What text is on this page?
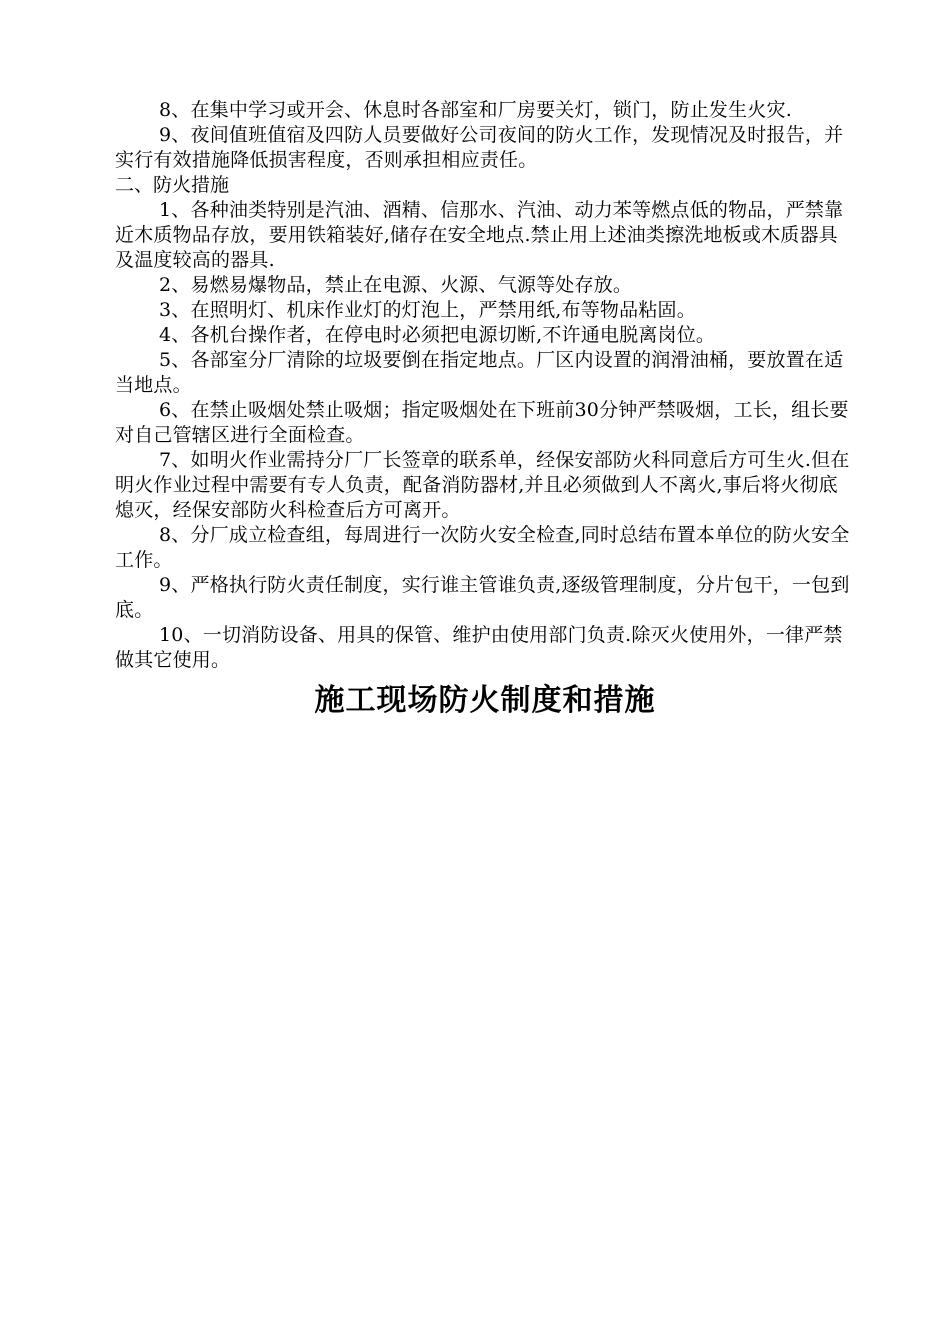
8、在集中学习或开会、休息时各部室和厂房要关灯，锁门，防止发生火灾.

9、夜间值班值宿及四防人员要做好公司夜间的防火工作，发现情况及时报告，并实行有效措施降低损害程度，否则承担相应责任。

二、防火措施

1、各种油类特别是汽油、酒精、信那水、汽油、动力苯等燃点低的物品，严禁靠近木质物品存放，要用铁箱装好,储存在安全地点.禁止用上述油类擦洗地板或木质器具及温度较高的器具.

2、易燃易爆物品，禁止在电源、火源、气源等处存放。

3、在照明灯、机床作业灯的灯泡上，严禁用纸,布等物品粘固。

4、各机台操作者，在停电时必须把电源切断,不许通电脱离岗位。

5、各部室分厂清除的垃圾要倒在指定地点。厂区内设置的润滑油桶，要放置在适当地点。

6、在禁止吸烟处禁止吸烟；指定吸烟处在下班前30分钟严禁吸烟，工长，组长要对自己管辖区进行全面检查。

7、如明火作业需持分厂厂长签章的联系单，经保安部防火科同意后方可生火.但在明火作业过程中需要有专人负责，配备消防器材,并且必须做到人不离火,事后将火彻底熄灭，经保安部防火科检查后方可离开。

8、分厂成立检查组，每周进行一次防火安全检查,同时总结布置本单位的防火安全工作。

9、严格执行防火责任制度，实行谁主管谁负责,逐级管理制度，分片包干，一包到底。

10、一切消防设备、用具的保管、维护由使用部门负责.除灭火使用外，一律严禁做其它使用。

施工现场防火制度和措施
